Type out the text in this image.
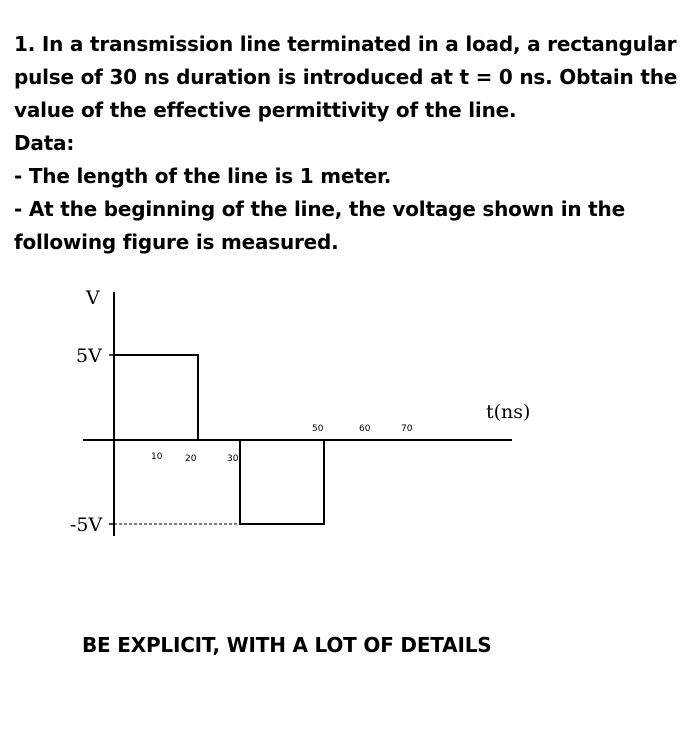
1. In a transmission line terminated in a load, a rectangular

pulse of 30 ns duration is introduced at t = 0 ns. Obtain the

value of the effective permittivity of the line.

Data:

- The length of the line is 1 meter.

- At the beginning of the line, the voltage shown in the

following figure is measured.

V
t(ns)
5V
-5V
10	20	30
50	60	70
BE EXPLICIT, WITH A LOT OF DETAILS
